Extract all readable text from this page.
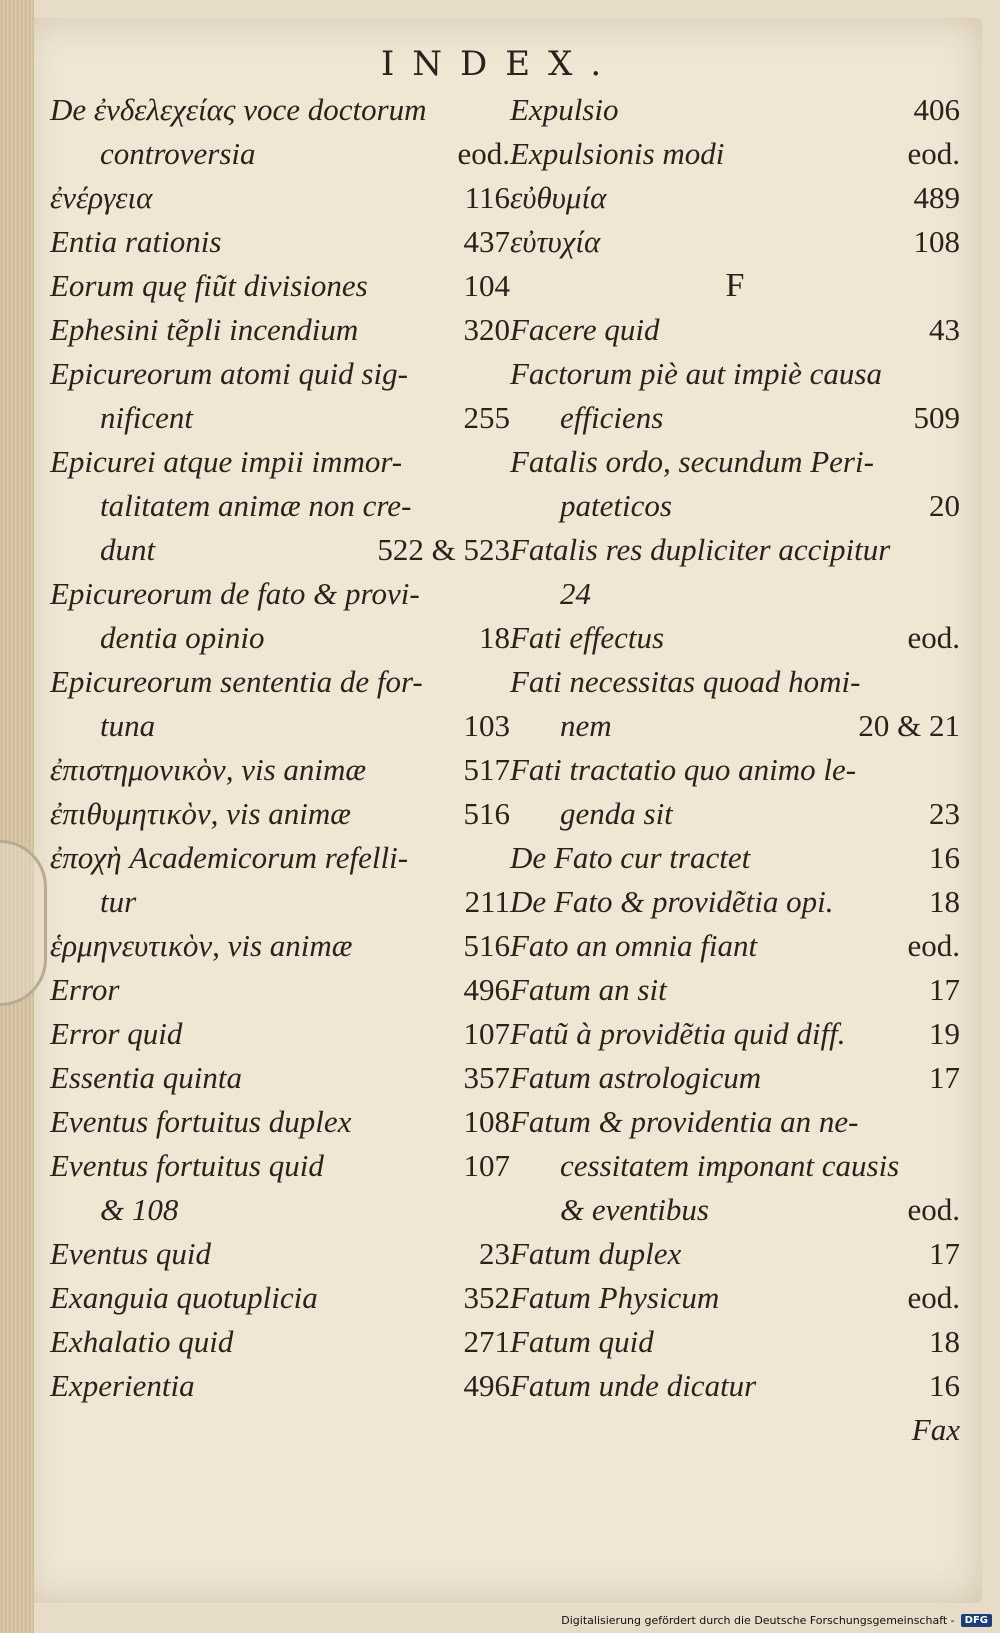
INDEX.
De ἐνδελεχείας voce doctorum
controversia	eod.
ἐνέργεια	116
Entia rationis	437
Eorum quę fiũt divisiones	104
Ephesini tẽpli incendium	320
Epicureorum atomi quid sig-
nificent	255
Epicurei atque impii immor-
talitatem animæ non cre-
dunt	522 & 523
Epicureorum de fato & provi-
dentia opinio	18
Epicureorum sententia de for-
tuna	103
ἐπιστημονικὸν, vis animæ	517
ἐπιθυμητικὸν, vis animæ	516
ἐποχὴ Academicorum refelli-
tur	211
ἑρμηνευτικὸν, vis animæ	516
Error	496
Error quid	107
Essentia quinta	357
Eventus fortuitus duplex	108
Eventus fortuitus quid	107
& 108
Eventus quid	23
Exanguia quotuplicia	352
Exhalatio quid	271
Experientia	496
Expulsio	406
Expulsionis modi	eod.
εὐθυμία	489
εὐτυχία	108
F
Facere quid	43
Factorum piè aut impiè causa
efficiens	509
Fatalis ordo, secundum Peri-
pateticos	20
Fatalis res dupliciter accipitur
24
Fati effectus	eod.
Fati necessitas quoad homi-
nem	20 & 21
Fati tractatio quo animo le-
genda sit	23
De Fato cur tractet	16
De Fato & providẽtia opi.	18
Fato an omnia fiant	eod.
Fatum an sit	17
Fatũ à providẽtia quid diff.	19
Fatum astrologicum	17
Fatum & providentia an ne-
cessitatem imponant causis
& eventibus	eod.
Fatum duplex	17
Fatum Physicum	eod.
Fatum quid	18
Fatum unde dicatur	16
Fax
Digitalisierung gefördert durch die Deutsche Forschungsgemeinschaft -	DFG
